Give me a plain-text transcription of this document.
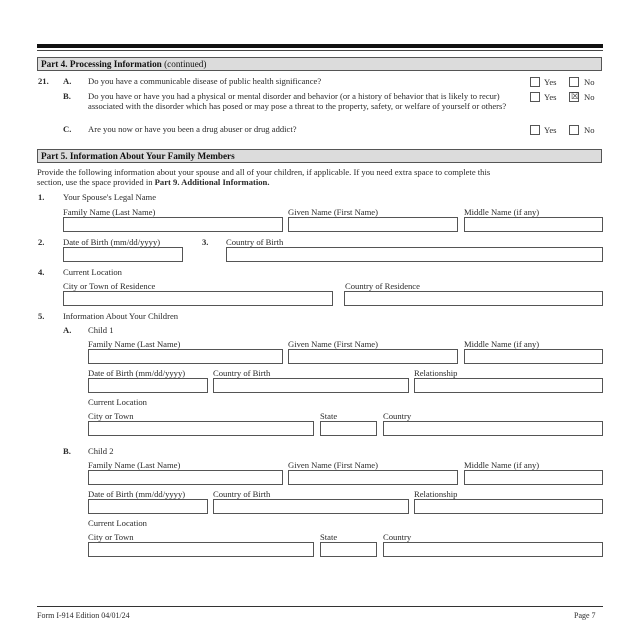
Part 4. Processing Information (continued)
21. A. Do you have a communicable disease of public health significance?	Yes	No
B. Do you have or have you had a physical or mental disorder and behavior (or a history of behavior that is likely to recur) associated with the disorder which has posed or may pose a threat to the property, safety, or welfare of yourself or others?
Yes ☒ No
C. Are you now or have you been a drug abuser or drug addict?	Yes	No
Part 5. Information About Your Family Members
Provide the following information about your spouse and all of your children, if applicable. If you need extra space to complete this
section, use the space provided in Part 9. Additional Information.
1. Your Spouse's Legal Name
Family Name (Last Name)	Given Name (First Name)	Middle Name (if any)
2. Date of Birth (mm/dd/yyyy)	3. Country of Birth
4. Current Location
City or Town of Residence	Country of Residence
5. Information About Your Children
A. Child 1
Family Name (Last Name)	Given Name (First Name)	Middle Name (if any)
Date of Birth (mm/dd/yyyy)	Country of Birth	Relationship
Current Location
City or Town	State	Country
B. Child 2
Family Name (Last Name)	Given Name (First Name)	Middle Name (if any)
Date of Birth (mm/dd/yyyy)	Country of Birth	Relationship
Current Location
City or Town	State	Country
Form I-914 Edition 04/01/24	Page 7
